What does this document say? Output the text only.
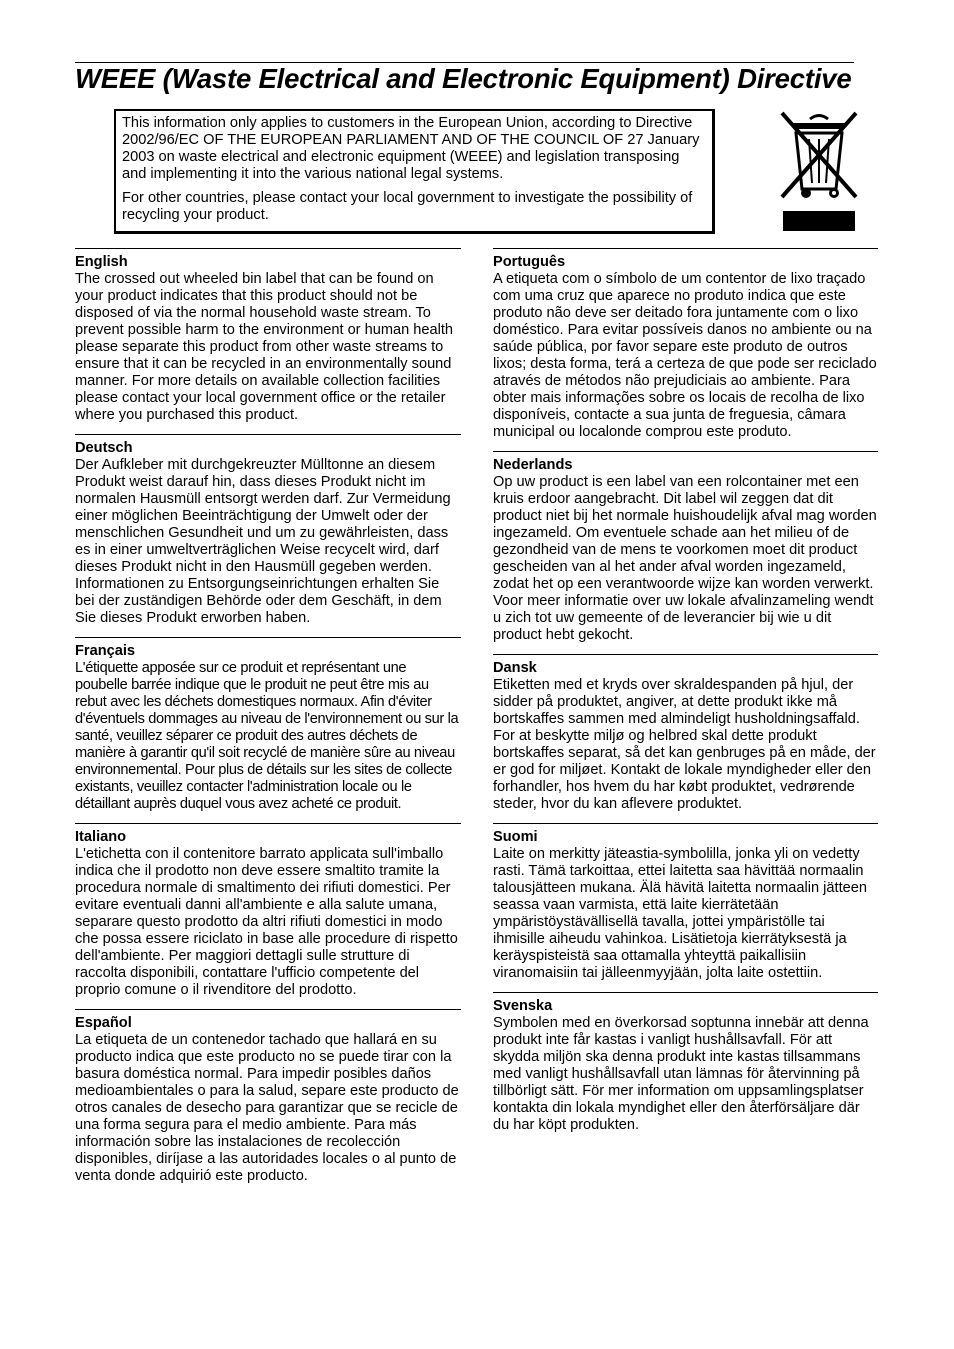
WEEE (Waste Electrical and Electronic Equipment) Directive

This information only applies to customers in the European Union, according to Directive 2002/96/EC OF THE EUROPEAN PARLIAMENT AND OF THE COUNCIL OF 27 January 2003 on waste electrical and electronic equipment (WEEE) and legislation transposing and implementing it into the various national legal systems.

For other countries, please contact your local government to investigate the possibility of recycling your product.

English
The crossed out wheeled bin label that can be found on your product indicates that this product should not be disposed of via the normal household waste stream. To prevent possible harm to the environment or human health please separate this product from other waste streams to ensure that it can be recycled in an environmentally sound manner. For more details on available collection facilities please contact your local government office or the retailer where you purchased this product.
Deutsch
Der Aufkleber mit durchgekreuzter Mülltonne an diesem Produkt weist darauf hin, dass dieses Produkt nicht im normalen Hausmüll entsorgt werden darf. Zur Vermeidung einer möglichen Beeinträchtigung der Umwelt oder der menschlichen Gesundheit und um zu gewährleisten, dass es in einer umweltverträglichen Weise recycelt wird, darf dieses Produkt nicht in den Hausmüll gegeben werden. Informationen zu Entsorgungseinrichtungen erhalten Sie bei der zuständigen Behörde oder dem Geschäft, in dem Sie dieses Produkt erworben haben.
Français
L'étiquette apposée sur ce produit et représentant une poubelle barrée indique que le produit ne peut être mis au rebut avec les déchets domestiques normaux. Afin d'éviter d'éventuels dommages au niveau de l'environnement ou sur la santé, veuillez séparer ce produit des autres déchets de manière à garantir qu'il soit recyclé de manière sûre au niveau environnemental. Pour plus de détails sur les sites de collecte existants, veuillez contacter l'administration locale ou le détaillant auprès duquel vous avez acheté ce produit.
Italiano
L'etichetta con il contenitore barrato applicata sull'imballo indica che il prodotto non deve essere smaltito tramite la procedura normale di smaltimento dei rifiuti domestici. Per evitare eventuali danni all'ambiente e alla salute umana, separare questo prodotto da altri rifiuti domestici in modo che possa essere riciclato in base alle procedure di rispetto dell'ambiente. Per maggiori dettagli sulle strutture di raccolta disponibili, contattare l'ufficio competente del proprio comune o il rivenditore del prodotto.
Español
La etiqueta de un contenedor tachado que hallará en su producto indica que este producto no se puede tirar con la basura doméstica normal. Para impedir posibles daños medioambientales o para la salud, separe este producto de otros canales de desecho para garantizar que se recicle de una forma segura para el medio ambiente. Para más información sobre las instalaciones de recolección disponibles, diríjase a las autoridades locales o al punto de venta donde adquirió este producto.
Português
A etiqueta com o símbolo de um contentor de lixo traçado com uma cruz que aparece no produto indica que este produto não deve ser deitado fora juntamente com o lixo doméstico. Para evitar possíveis danos no ambiente ou na saúde pública, por favor separe este produto de outros lixos; desta forma, terá a certeza de que pode ser reciclado através de métodos não prejudiciais ao ambiente. Para obter mais informações sobre os locais de recolha de lixo disponíveis, contacte a sua junta de freguesia, câmara municipal ou localonde comprou este produto.
Nederlands
Op uw product is een label van een rolcontainer met een kruis erdoor aangebracht. Dit label wil zeggen dat dit product niet bij het normale huishoudelijk afval mag worden ingezameld. Om eventuele schade aan het milieu of de gezondheid van de mens te voorkomen moet dit product gescheiden van al het ander afval worden ingezameld, zodat het op een verantwoorde wijze kan worden verwerkt. Voor meer informatie over uw lokale afvalinzameling wendt u zich tot uw gemeente of de leverancier bij wie u dit product hebt gekocht.
Dansk
Etiketten med et kryds over skraldespanden på hjul, der sidder på produktet, angiver, at dette produkt ikke må bortskaffes sammen med almindeligt husholdningsaffald. For at beskytte miljø og helbred skal dette produkt bortskaffes separat, så det kan genbruges på en måde, der er god for miljøet. Kontakt de lokale myndigheder eller den forhandler, hos hvem du har købt produktet, vedrørende steder, hvor du kan aflevere produktet.
Suomi
Laite on merkitty jäteastia-symbolilla, jonka yli on vedetty rasti. Tämä tarkoittaa, ettei laitetta saa hävittää normaalin talousjätteen mukana. Älä hävitä laitetta normaalin jätteen seassa vaan varmista, että laite kierrätetään ympäristöystävällisellä tavalla, jottei ympäristölle tai ihmisille aiheudu vahinkoa. Lisätietoja kierrätyksestä ja keräyspisteistä saa ottamalla yhteyttä paikallisiin viranomaisiin tai jälleenmyyjään, jolta laite ostettiin.
Svenska
Symbolen med en överkorsad soptunna innebär att denna produkt inte får kastas i vanligt hushållsavfall. För att skydda miljön ska denna produkt inte kastas tillsammans med vanligt hushållsavfall utan lämnas för återvinning på tillbörligt sätt. För mer information om uppsamlingsplatser kontakta din lokala myndighet eller den återförsäljare där du har köpt produkten.
